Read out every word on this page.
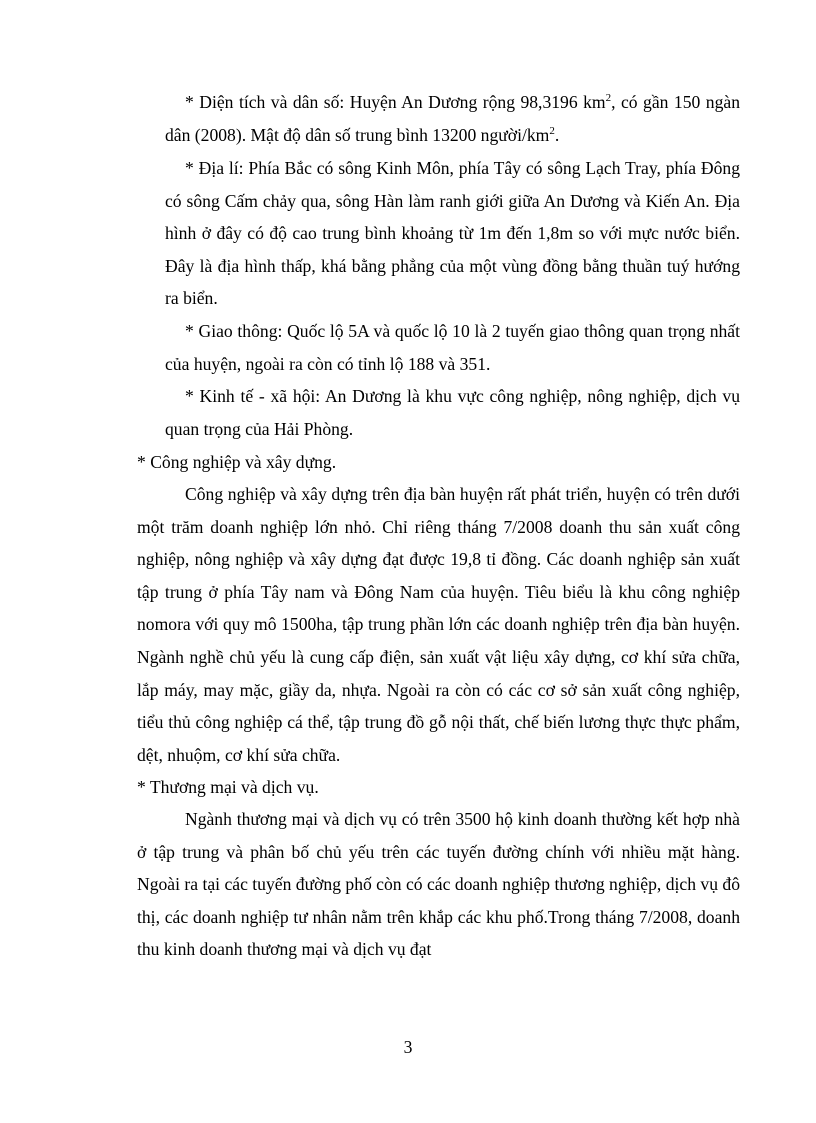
* Diện tích và dân số: Huyện An Dương rộng 98,3196 $km^2$, có gần 150 ngàn dân (2008). Mật độ dân số trung bình 13200 người/$km^2$.

* Địa lí: Phía Bắc có sông Kinh Môn, phía Tây có sông Lạch Tray, phía Đông có sông Cấm chảy qua, sông Hàn làm ranh giới giữa An Dương và Kiến An. Địa hình ở đây có độ cao trung bình khoảng từ 1m đến 1,8m so với mực nước biển. Đây là địa hình thấp, khá bằng phẳng của một vùng đồng bằng thuần tuý hướng ra biển.

* Giao thông: Quốc lộ 5A và quốc lộ 10 là 2 tuyến giao thông quan trọng nhất của huyện, ngoài ra còn có tỉnh lộ 188 và 351.

* Kinh tế - xã hội: An Dương là khu vực công nghiệp, nông nghiệp, dịch vụ quan trọng của Hải Phòng.

* Công nghiệp và xây dựng.

Công nghiệp và xây dựng trên địa bàn huyện rất phát triển, huyện có trên dưới một trăm doanh nghiệp lớn nhỏ. Chỉ riêng tháng 7/2008 doanh thu sản xuất công nghiệp, nông nghiệp và xây dựng đạt được 19,8 tỉ đồng. Các doanh nghiệp sản xuất tập trung ở phía Tây nam và Đông Nam của huyện. Tiêu biểu là khu công nghiệp nomora với quy mô 1500ha, tập trung phần lớn các doanh nghiệp trên địa bàn huyện. Ngành nghề chủ yếu là cung cấp điện, sản xuất vật liệu xây dựng, cơ khí sửa chữa, lắp máy, may mặc, giầy da, nhựa. Ngoài ra còn có các cơ sở sản xuất công nghiệp, tiểu thủ công nghiệp cá thể, tập trung đồ gỗ nội thất, chế biến lương thực thực phẩm, dệt, nhuộm, cơ khí sửa chữa.

* Thương mại và dịch vụ.

Ngành thương mại và dịch vụ có trên 3500 hộ kinh doanh thường kết hợp nhà ở tập trung và phân bố chủ yếu trên các tuyến đường chính với nhiều mặt hàng. Ngoài ra tại các tuyến đường phố còn có các doanh nghiệp thương nghiệp, dịch vụ đô thị, các doanh nghiệp tư nhân nằm trên khắp các khu phố.Trong tháng 7/2008, doanh thu kinh doanh thương mại và dịch vụ đạt

3
